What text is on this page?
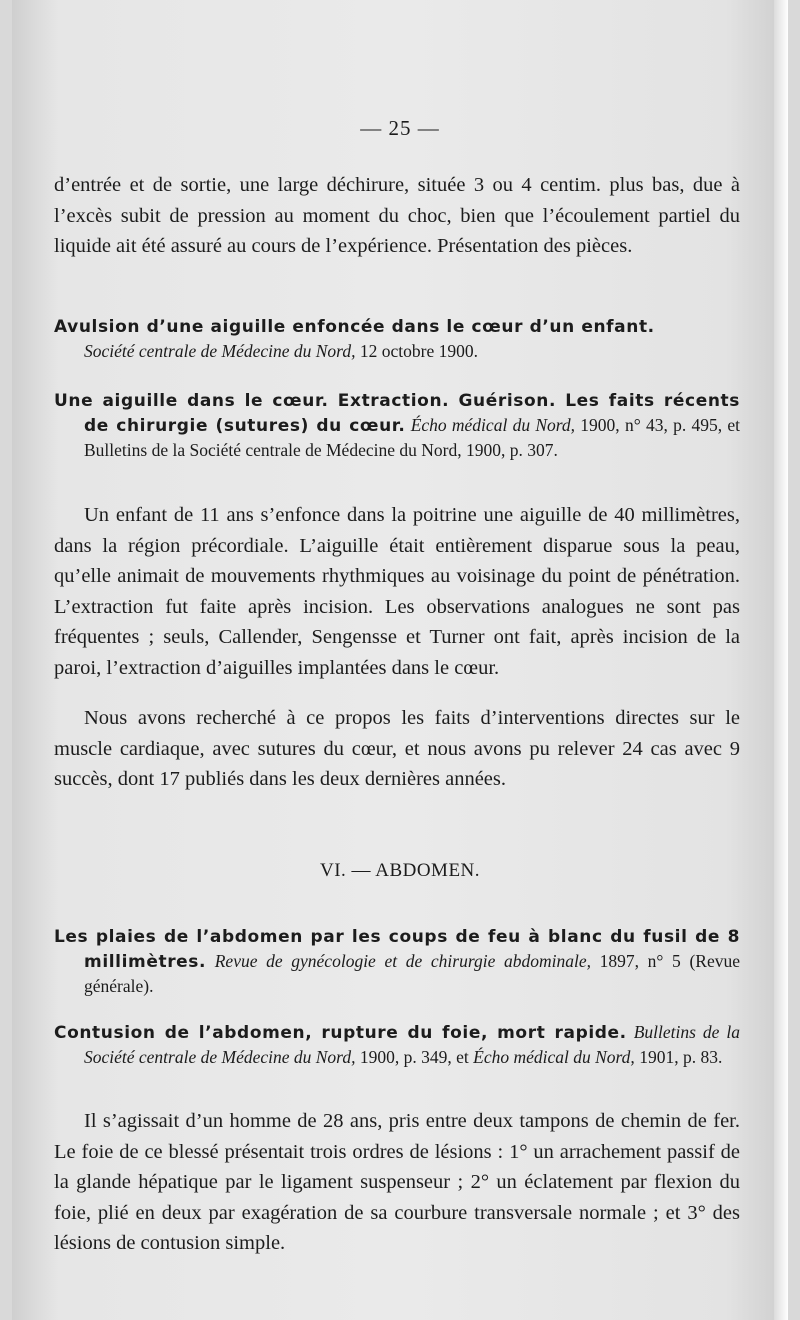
— 25 —

d’entrée et de sortie, une large déchirure, située 3 ou 4 centim. plus bas, due à l’excès subit de pression au moment du choc, bien que l’écoulement partiel du liquide ait été assuré au cours de l’expérience. Présentation des pièces.

Avulsion d’une aiguille enfoncée dans le cœur d’un enfant.
Société centrale de Médecine du Nord, 12 octobre 1900.

Une aiguille dans le cœur. Extraction. Guérison. Les faits récents de chirurgie (sutures) du cœur. Écho médical du Nord, 1900, n° 43, p. 495, et Bulletins de la Société centrale de Médecine du Nord, 1900, p. 307.

Un enfant de 11 ans s’enfonce dans la poitrine une aiguille de 40 millimètres, dans la région précordiale. L’aiguille était entièrement disparue sous la peau, qu’elle animait de mouvements rhythmiques au voisinage du point de pénétration. L’extraction fut faite après incision. Les observations analogues ne sont pas fréquentes ; seuls, Callender, Sengensse et Turner ont fait, après incision de la paroi, l’extraction d’aiguilles implantées dans le cœur.

Nous avons recherché à ce propos les faits d’interventions directes sur le muscle cardiaque, avec sutures du cœur, et nous avons pu relever 24 cas avec 9 succès, dont 17 publiés dans les deux dernières années.

VI. — ABDOMEN.

Les plaies de l’abdomen par les coups de feu à blanc du fusil de 8 millimètres. Revue de gynécologie et de chirurgie abdominale, 1897, n° 5 (Revue générale).

Contusion de l’abdomen, rupture du foie, mort rapide. Bulletins de la Société centrale de Médecine du Nord, 1900, p. 349, et Écho médical du Nord, 1901, p. 83.

Il s’agissait d’un homme de 28 ans, pris entre deux tampons de chemin de fer. Le foie de ce blessé présentait trois ordres de lésions : 1° un arrachement passif de la glande hépatique par le ligament suspenseur ; 2° un éclatement par flexion du foie, plié en deux par exagération de sa courbure transversale normale ; et 3° des lésions de contusion simple.
